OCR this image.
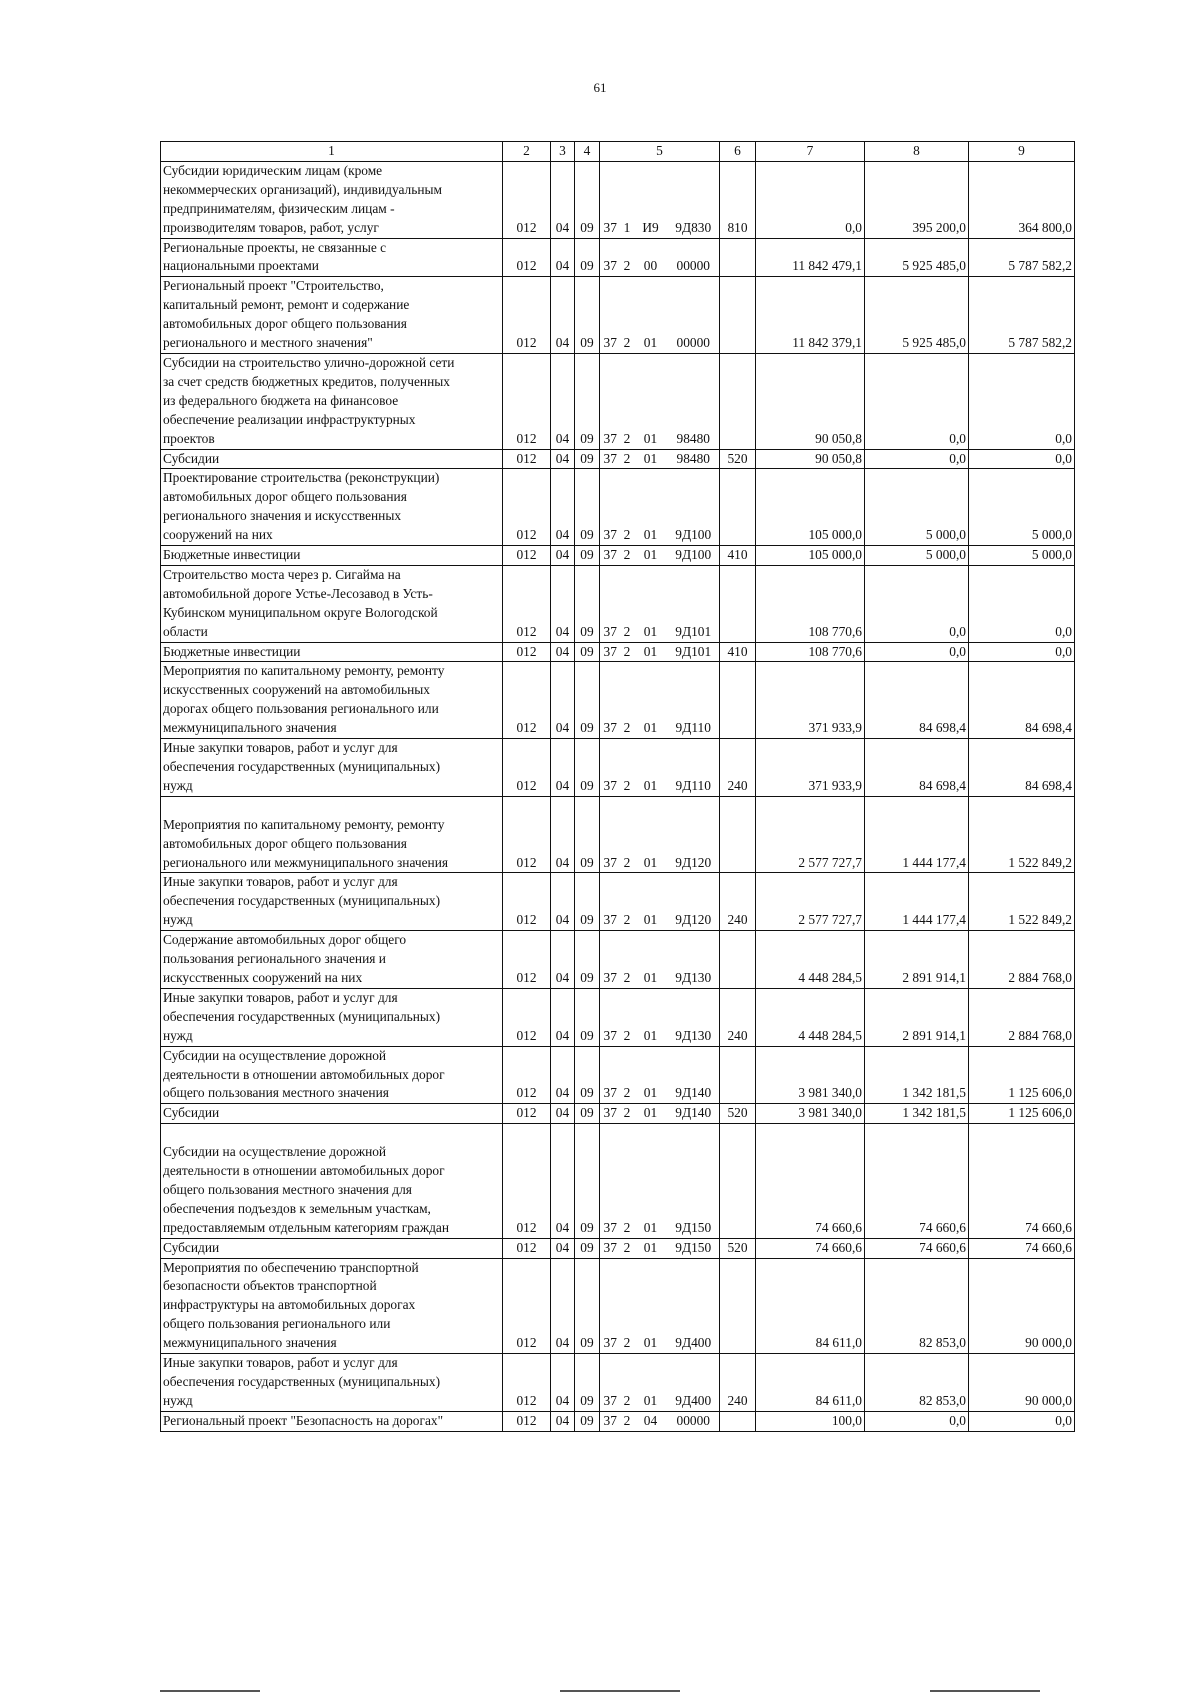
61
1	2	3	4	5				6	7	8	9
Субсидии юридическим лицам (кроме
некоммерческих организаций), индивидуальным
предпринимателям, физическим лицам -
производителям товаров, работ, услуг	012	04	09	37	1	И9	9Д830	810	0,0	395 200,0	364 800,0
Региональные проекты, не связанные с
национальными проектами	012	04	09	37	2	00	00000		11 842 479,1	5 925 485,0	5 787 582,2
Региональный проект "Строительство,
капитальный ремонт, ремонт и содержание
автомобильных дорог общего пользования
регионального и местного значения"	012	04	09	37	2	01	00000		11 842 379,1	5 925 485,0	5 787 582,2
Субсидии на строительство улично-дорожной сети
за счет средств бюджетных кредитов, полученных
из федерального бюджета на финансовое
обеспечение реализации инфраструктурных
проектов	012	04	09	37	2	01	98480		90 050,8	0,0	0,0
Субсидии	012	04	09	37	2	01	98480	520	90 050,8	0,0	0,0
Проектирование строительства (реконструкции)
автомобильных дорог общего пользования
регионального значения и искусственных
сооружений на них	012	04	09	37	2	01	9Д100		105 000,0	5 000,0	5 000,0
Бюджетные инвестиции	012	04	09	37	2	01	9Д100	410	105 000,0	5 000,0	5 000,0
Строительство моста через р. Сигайма на
автомобильной дороге Устье-Лесозавод в Усть-
Кубинском муниципальном округе Вологодской
области	012	04	09	37	2	01	9Д101		108 770,6	0,0	0,0
Бюджетные инвестиции	012	04	09	37	2	01	9Д101	410	108 770,6	0,0	0,0
Мероприятия по капитальному ремонту, ремонту
искусственных сооружений на автомобильных
дорогах общего пользования регионального или
межмуниципального значения	012	04	09	37	2	01	9Д110		371 933,9	84 698,4	84 698,4
Иные закупки товаров, работ и услуг для
обеспечения государственных (муниципальных)
нужд	012	04	09	37	2	01	9Д110	240	371 933,9	84 698,4	84 698,4

Мероприятия по капитальному ремонту, ремонту
автомобильных дорог общего пользования
регионального или межмуниципального значения	012	04	09	37	2	01	9Д120		2 577 727,7	1 444 177,4	1 522 849,2
Иные закупки товаров, работ и услуг для
обеспечения государственных (муниципальных)
нужд	012	04	09	37	2	01	9Д120	240	2 577 727,7	1 444 177,4	1 522 849,2
Содержание автомобильных дорог общего
пользования регионального значения и
искусственных сооружений на них	012	04	09	37	2	01	9Д130		4 448 284,5	2 891 914,1	2 884 768,0
Иные закупки товаров, работ и услуг для
обеспечения государственных (муниципальных)
нужд	012	04	09	37	2	01	9Д130	240	4 448 284,5	2 891 914,1	2 884 768,0
Субсидии на осуществление дорожной
деятельности в отношении автомобильных дорог
общего пользования местного значения	012	04	09	37	2	01	9Д140		3 981 340,0	1 342 181,5	1 125 606,0
Субсидии	012	04	09	37	2	01	9Д140	520	3 981 340,0	1 342 181,5	1 125 606,0

Субсидии на осуществление дорожной
деятельности в отношении автомобильных дорог
общего пользования местного значения для
обеспечения подъездов к земельным участкам,
предоставляемым отдельным категориям граждан	012	04	09	37	2	01	9Д150		74 660,6	74 660,6	74 660,6
Субсидии	012	04	09	37	2	01	9Д150	520	74 660,6	74 660,6	74 660,6
Мероприятия по обеспечению транспортной
безопасности объектов транспортной
инфраструктуры на автомобильных дорогах
общего пользования регионального или
межмуниципального значения	012	04	09	37	2	01	9Д400		84 611,0	82 853,0	90 000,0
Иные закупки товаров, работ и услуг для
обеспечения государственных (муниципальных)
нужд	012	04	09	37	2	01	9Д400	240	84 611,0	82 853,0	90 000,0
Региональный проект "Безопасность на дорогах"	012	04	09	37	2	04	00000		100,0	0,0	0,0
